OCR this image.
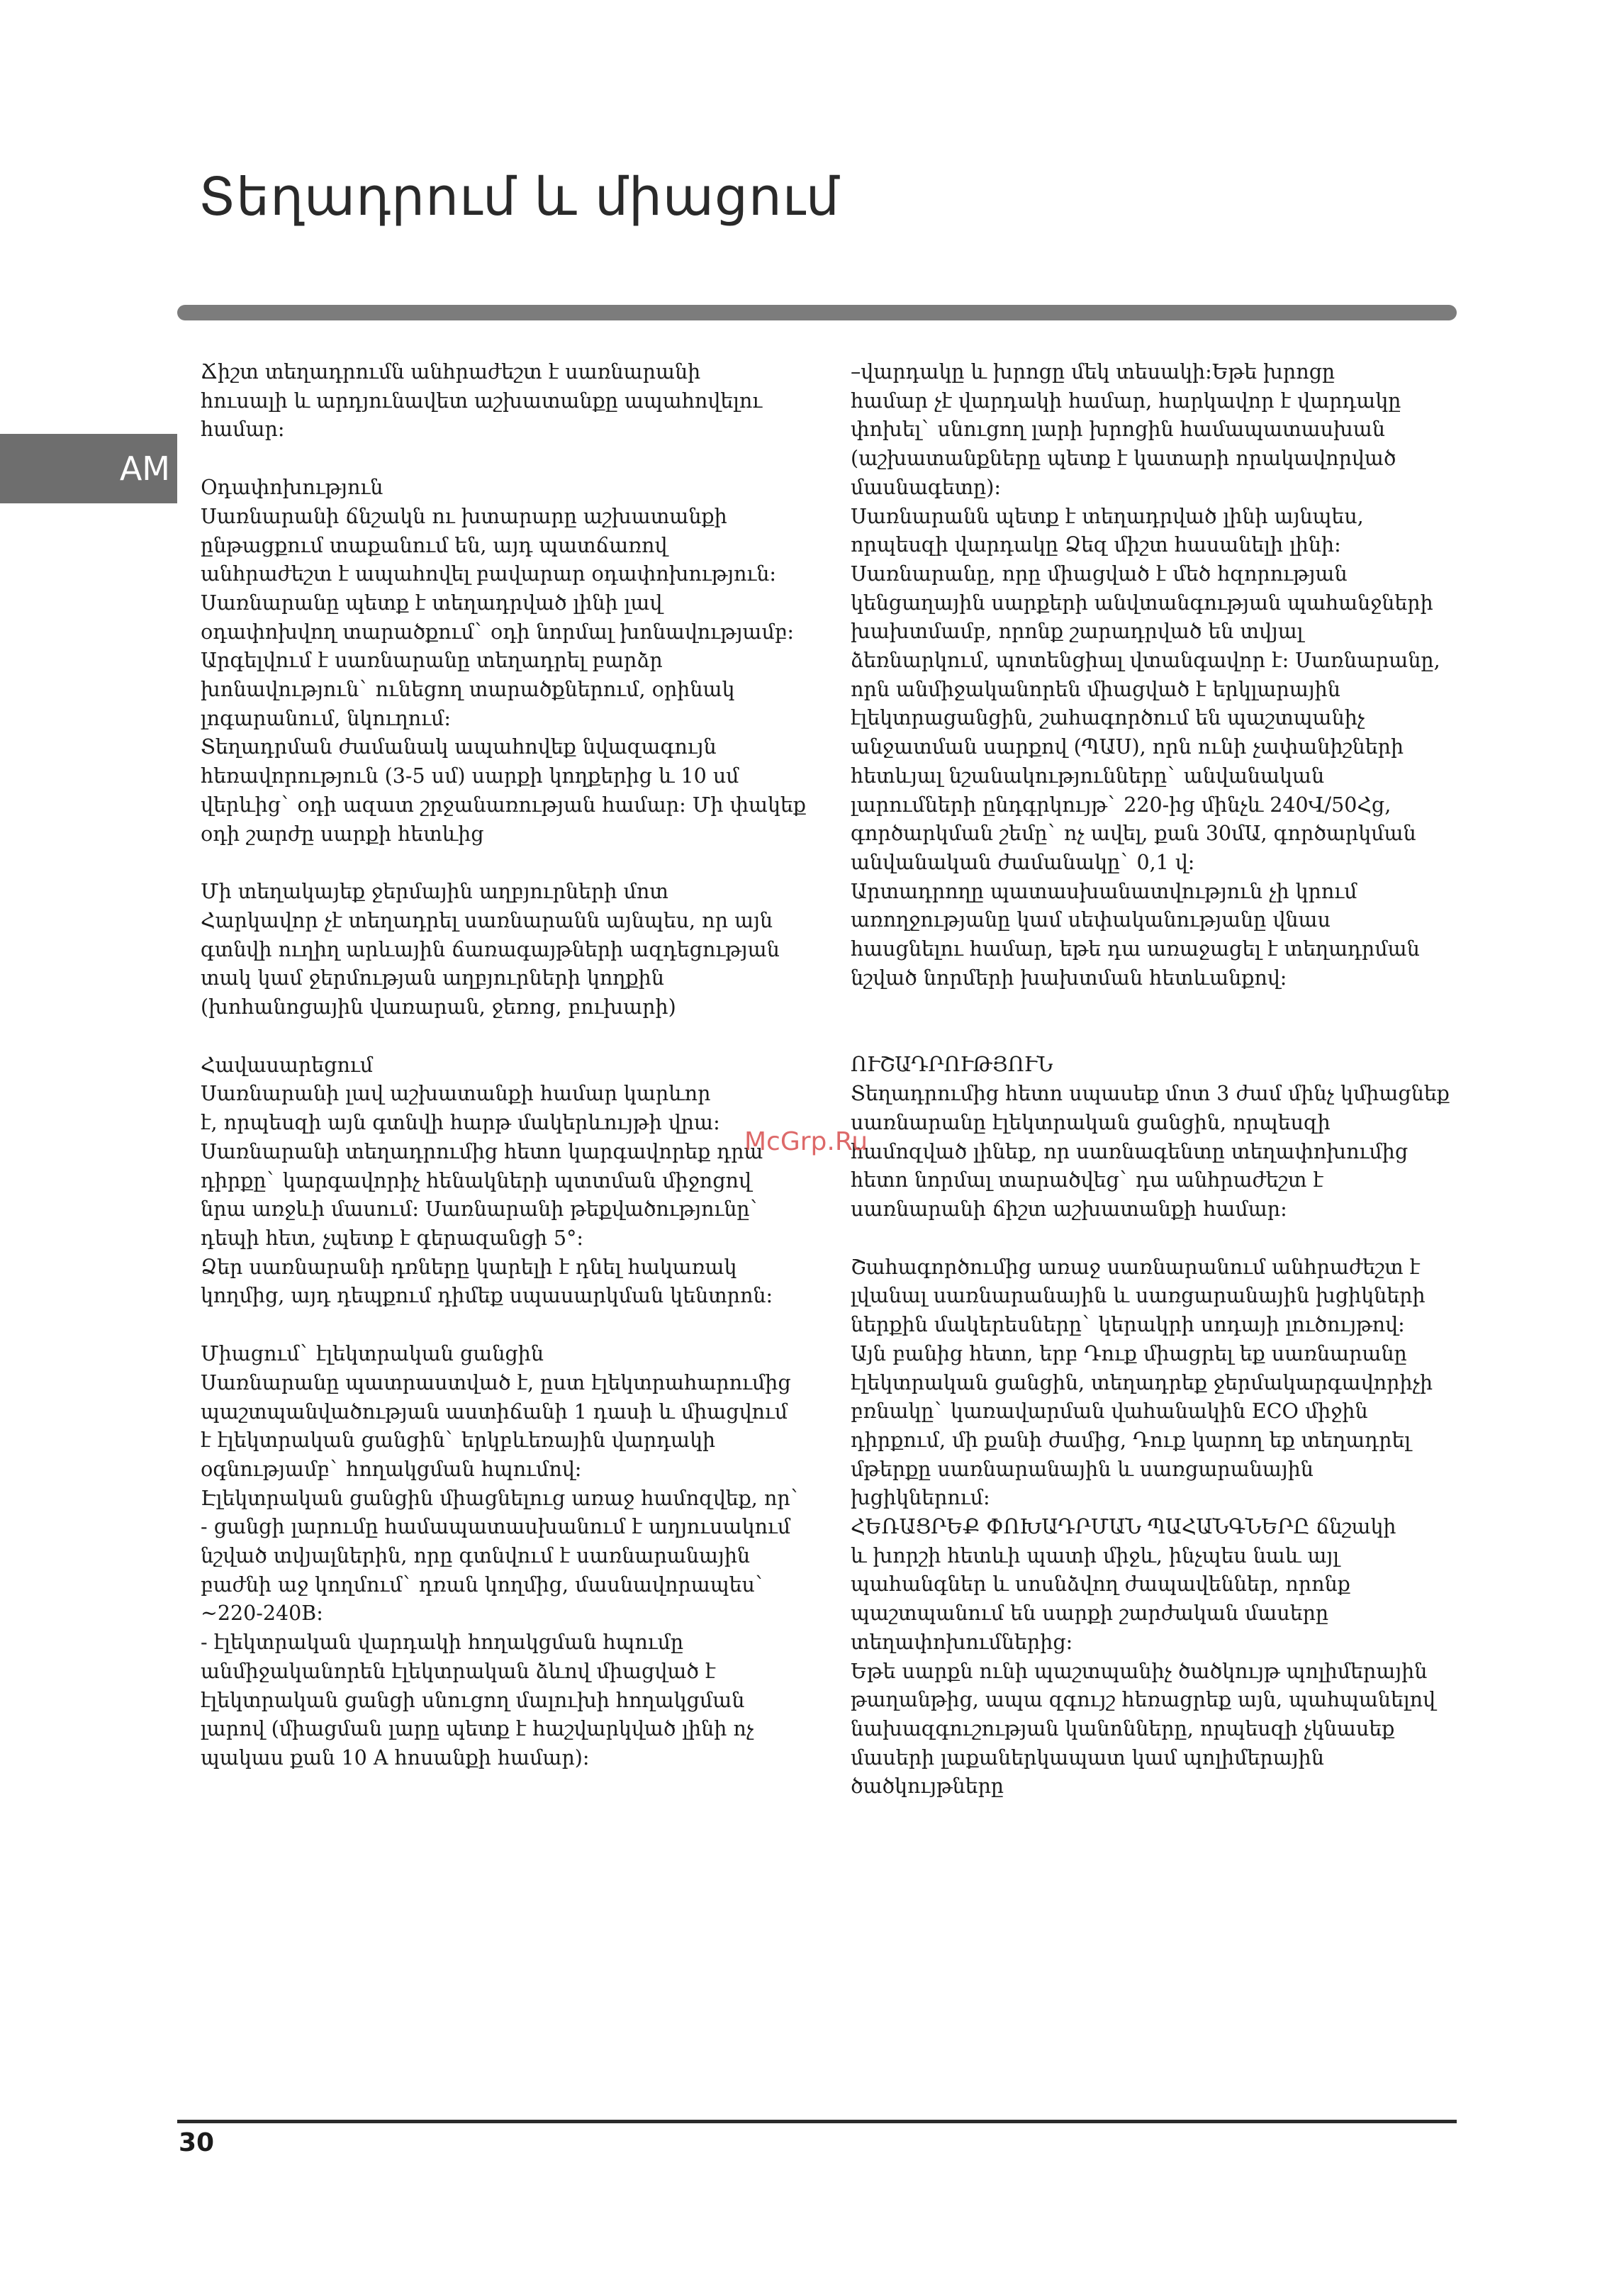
Տեղադրում և միացում
AM

Ճիշտ տեղադրումն անհրաժեշտ է սառնարանի
հուսալի և արդյունավետ աշխատանքը ապահովելու
համար:

Օդափոխություն
Սառնարանի ճնշակն ու խտարարը աշխատանքի
ընթացքում տաքանում են, այդ պատճառով
անհրաժեշտ է ապահովել բավարար օդափոխություն:
Սառնարանը պետք է տեղադրված լինի լավ
օդափոխվող տարածքում` օդի նորմալ խոնավությամբ:
Արգելվում է սառնարանը տեղադրել բարձր
խոնավություն` ունեցող տարածքներում, օրինակ
լոգարանում, նկուղում:
Տեղադրման ժամանակ ապահովեք նվազագույն
հեռավորություն (3-5 սմ) սարքի կողքերից և 10 սմ
վերևից` օդի ազատ շրջանառության համար: Մի փակեք
օդի շարժը սարքի հետևից

Մի տեղակայեք ջերմային աղբյուրների մոտ
Հարկավոր չէ տեղադրել սառնարանն այնպես, որ այն
գտնվի ուղիղ արևային ճառագայթների ազդեցության
տակ կամ ջերմության աղբյուրների կողքին
(խոհանոցային վառարան, ջեռոց, բուխարի)

Հավասարեցում
Սառնարանի լավ աշխատանքի համար կարևոր
է, որպեսզի այն գտնվի հարթ մակերևույթի վրա:
Սառնարանի տեղադրումից հետո կարգավորեք դրա
դիրքը` կարգավորիչ հենակների պտտման միջոցով
նրա առջևի մասում: Սառնարանի թեքվածությունը`
դեպի հետ, չպետք է գերազանցի 5°:
Ձեր սառնարանի դռները կարելի է դնել հակառակ
կողմից, այդ դեպքում դիմեք սպասարկման կենտրոն:

Միացում` էլեկտրական ցանցին
Սառնարանը պատրաստված է, ըստ էլեկտրահարումից
պաշտպանվածության աստիճանի 1 դասի և միացվում
է էլեկտրական ցանցին` երկբևեռային վարդակի
օգնությամբ` հողակցման հպումով:
Էլեկտրական ցանցին միացնելուց առաջ համոզվեք, որ`
- ցանցի լարումը համապատասխանում է աղյուսակում
նշված տվյալներին, որը գտնվում է սառնարանային
բաժնի աջ կողմում` դռան կողմից, մասնավորապես`
~220-240В:
- էլեկտրական վարդակի հողակցման հպումը
անմիջականորեն էլեկտրական ձևով միացված է
էլեկտրական ցանցի սնուցող մալուխի հողակցման
լարով (միացման լարը պետք է հաշվարկված լինի ոչ
պակաս քան 10 A հոսանքի համար):

–վարդակը և խրոցը մեկ տեսակի:Եթե խրոցը
համար չէ վարդակի համար, հարկավոր է վարդակը
փոխել` սնուցող լարի խրոցին համապատասխան
(աշխատանքները պետք է կատարի որակավորված
մասնագետը):
Սառնարանն պետք է տեղադրված լինի այնպես,
որպեսզի վարդակը Ձեզ միշտ հասանելի լինի:
Սառնարանը, որը միացված է մեծ հզորության
կենցաղային սարքերի անվտանգության պահանջների
խախտմամբ, որոնք շարադրված են տվյալ
ձեռնարկում, պոտենցիալ վտանգավոր է: Սառնարանը,
որն անմիջականորեն միացված է երկլարային
էլեկտրացանցին, շահագործում են պաշտպանիչ
անջատման սարքով (ՊԱՍ), որն ունի չափանիշների
հետևյալ նշանակությունները` անվանական
լարումների ընդգրկույթ` 220-ից մինչև 240Վ/50Հց,
գործարկման շեմը` ոչ ավել, քան 30մԱ, գործարկման
անվանական ժամանակը` 0,1 վ:
Արտադրողը պատասխանատվություն չի կրում
առողջությանը կամ սեփականությանը վնաս
հասցնելու համար, եթե դա առաջացել է տեղադրման
նշված նորմերի խախտման հետևանքով:

ՈՒՇԱԴՐՈՒԹՅՈՒՆ
Տեղադրումից հետո սպասեք մոտ 3 ժամ մինչ կմիացնեք
սառնարանը էլեկտրական ցանցին, որպեսզի
համոզված լինեք, որ սառնագենտը տեղափոխումից
հետո նորմալ տարածվեց` դա անհրաժեշտ է
սառնարանի ճիշտ աշխատանքի համար:

Շահագործումից առաջ սառնարանում անհրաժեշտ է
լվանալ սառնարանային և սառցարանային խցիկների
ներքին մակերեսները` կերակրի սոդայի լուծույթով:
Այն բանից հետո, երբ Դուք միացրել եք սառնարանը
էլեկտրական ցանցին, տեղադրեք ջերմակարգավորիչի
բռնակը` կառավարման վահանակին ECO միջին
դիրքում, մի քանի ժամից, Դուք կարող եք տեղադրել
մթերքը սառնարանային և սառցարանային
խցիկներում:
ՀԵՌԱՑՐԵՔ ՓՈԽԱԴՐՄԱՆ ՊԱՀԱՆԳՆԵՐԸ ճնշակի
և խորշի հետևի պատի միջև, ինչպես նաև այլ
պահանգներ և սոսնձվող ժապավեններ, որոնք
պաշտպանում են սարքի շարժական մասերը
տեղափոխումներից:
Եթե սարքն ունի պաշտպանիչ ծածկույթ պոլիմերային
թաղանթից, ապա զգույշ հեռացրեք այն, պահպանելով
նախազգուշության կանոնները, որպեսզի չկնասեք
մասերի լաքաներկապատ կամ պոլիմերային
ծածկույթները

McGrp.Ru
30
